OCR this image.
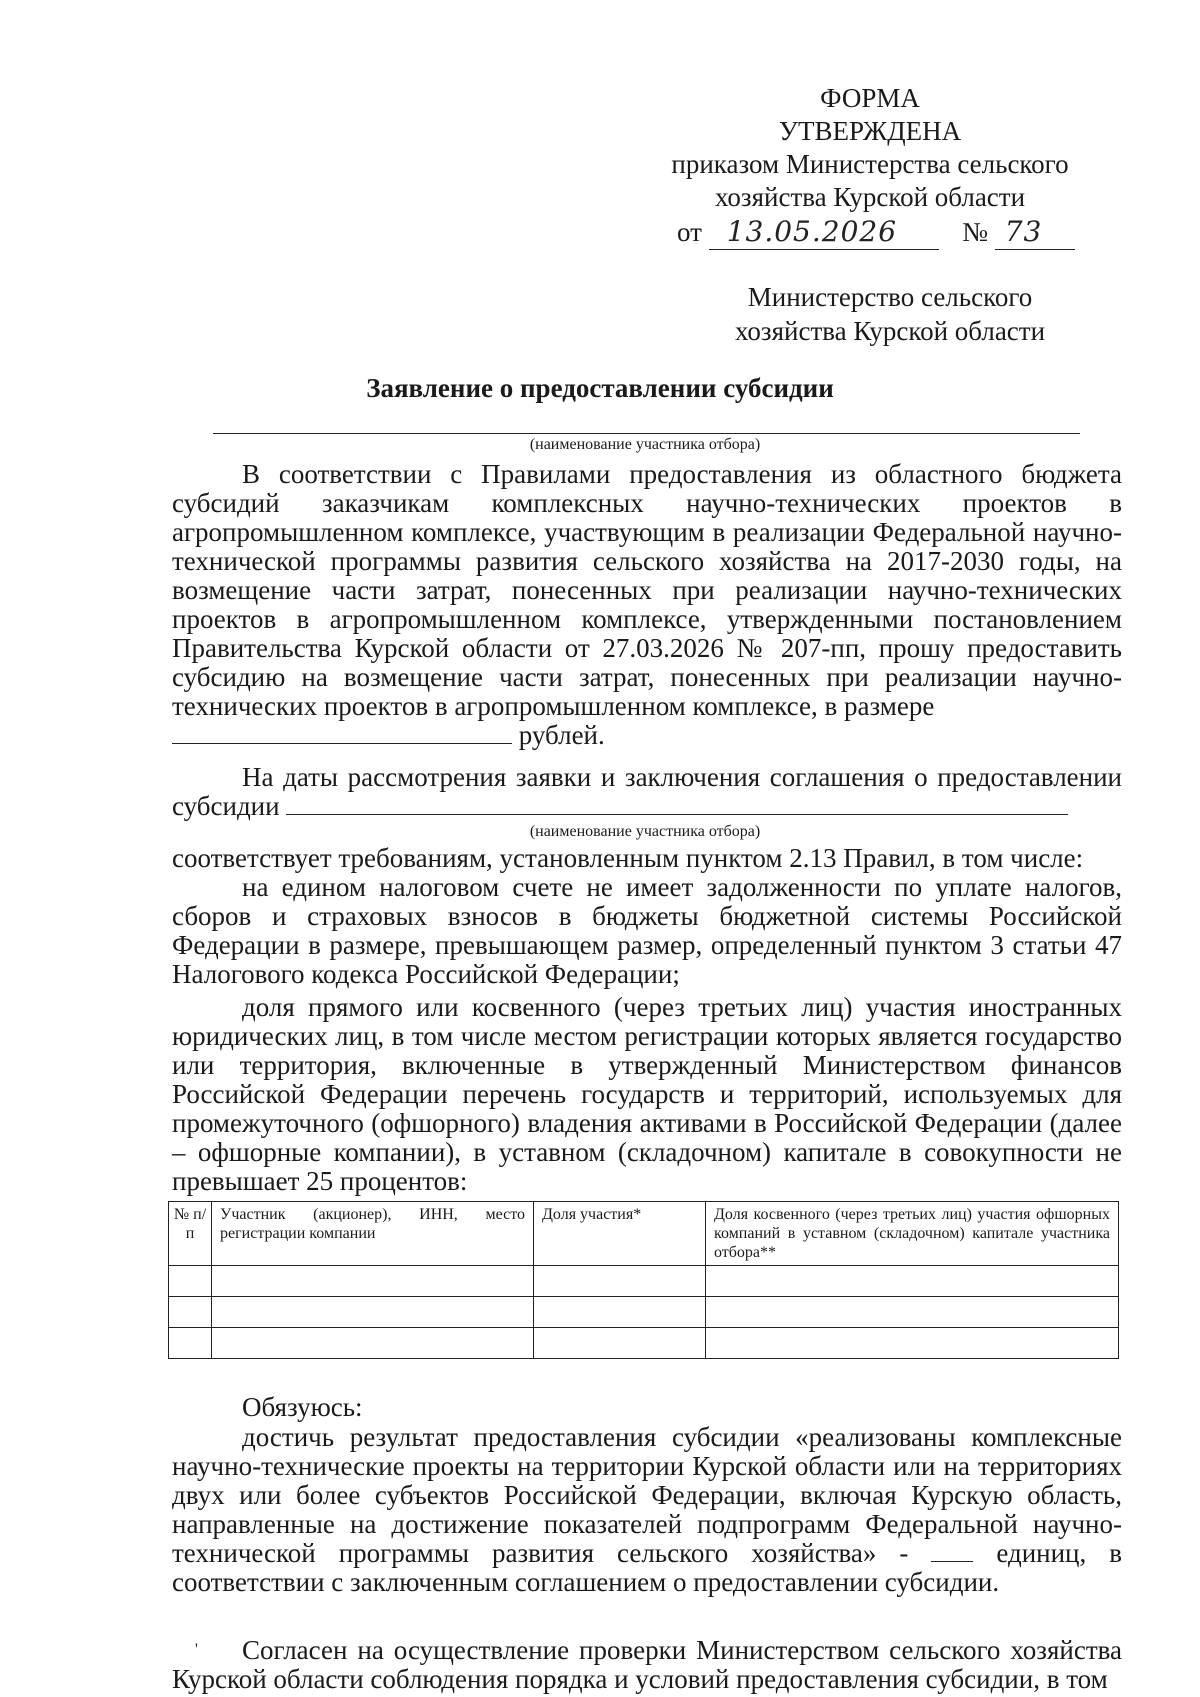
ФОРМА
УТВЕРЖДЕНА
приказом Министерства сельского
хозяйства Курской области
от 13.05.2026 № 73
Министерство сельского
хозяйства Курской области
Заявление о предоставлении субсидии
(наименование участника отбора)
В соответствии с Правилами предоставления из областного бюджета субсидий заказчикам комплексных научно-технических проектов в агропромышленном комплексе, участвующим в реализации Федеральной научно-технической программы развития сельского хозяйства на 2017-2030 годы, на возмещение части затрат, понесенных при реализации научно-технических проектов в агропромышленном комплексе, утвержденными постановлением Правительства Курской области от 27.03.2026 № 207-пп, прошу предоставить субсидию на возмещение части затрат, понесенных при реализации научно-технических проектов в агропромышленном комплексе, в размере
рублей.
На даты рассмотрения заявки и заключения соглашения о предоставлении субсидии
(наименование участника отбора)
соответствует требованиям, установленным пунктом 2.13 Правил, в том числе:
на едином налоговом счете не имеет задолженности по уплате налогов, сборов и страховых взносов в бюджеты бюджетной системы Российской Федерации в размере, превышающем размер, определенный пунктом 3 статьи 47 Налогового кодекса Российской Федерации;
доля прямого или косвенного (через третьих лиц) участия иностранных юридических лиц, в том числе местом регистрации которых является государство или территория, включенные в утвержденный Министерством финансов Российской Федерации перечень государств и территорий, используемых для промежуточного (офшорного) владения активами в Российской Федерации (далее – офшорные компании), в уставном (складочном) капитале в совокупности не превышает 25 процентов:
№ п/п	Участник (акционер), ИНН, место регистрации компании	Доля участия*	Доля косвенного (через третьих лиц) участия офшорных компаний в уставном (складочном) капитале участника отбора**

Обязуюсь:
достичь результат предоставления субсидии «реализованы комплексные научно-технические проекты на территории Курской области или на территориях двух или более субъектов Российской Федерации, включая Курскую область, направленные на достижение показателей подпрограмм Федеральной научно-технической программы развития сельского хозяйства» -	единиц, в соответствии с заключенным соглашением о предоставлении субсидии.
'	Согласен на осуществление проверки Министерством сельского хозяйства Курской области соблюдения порядка и условий предоставления субсидии, в том
